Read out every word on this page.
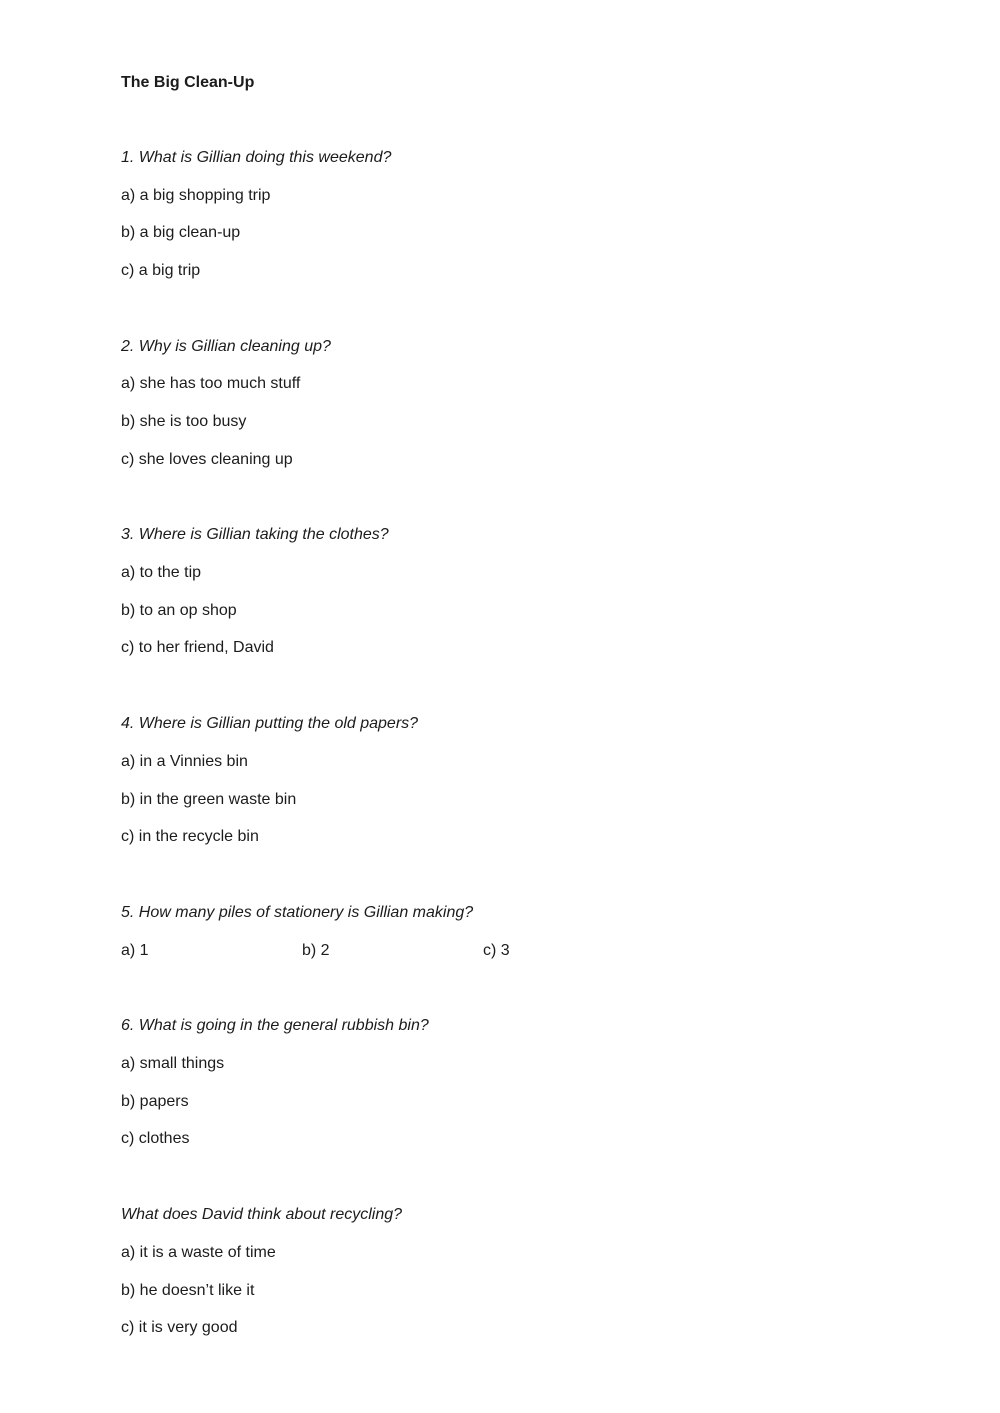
The Big Clean-Up
1. What is Gillian doing this weekend?
a) a big shopping trip
b) a big clean-up
c) a big trip
2. Why is Gillian cleaning up?
a) she has too much stuff
b) she is too busy
c) she loves cleaning up
3. Where is Gillian taking the clothes?
a) to the tip
b) to an op shop
c) to her friend, David
4. Where is Gillian putting the old papers?
a) in a Vinnies bin
b) in the green waste bin
c) in the recycle bin
5. How many piles of stationery is Gillian making?
a) 1	b) 2	c) 3
6. What is going in the general rubbish bin?
a) small things
b) papers
c) clothes
What does David think about recycling?
a) it is a waste of time
b) he doesn’t like it
c) it is very good
